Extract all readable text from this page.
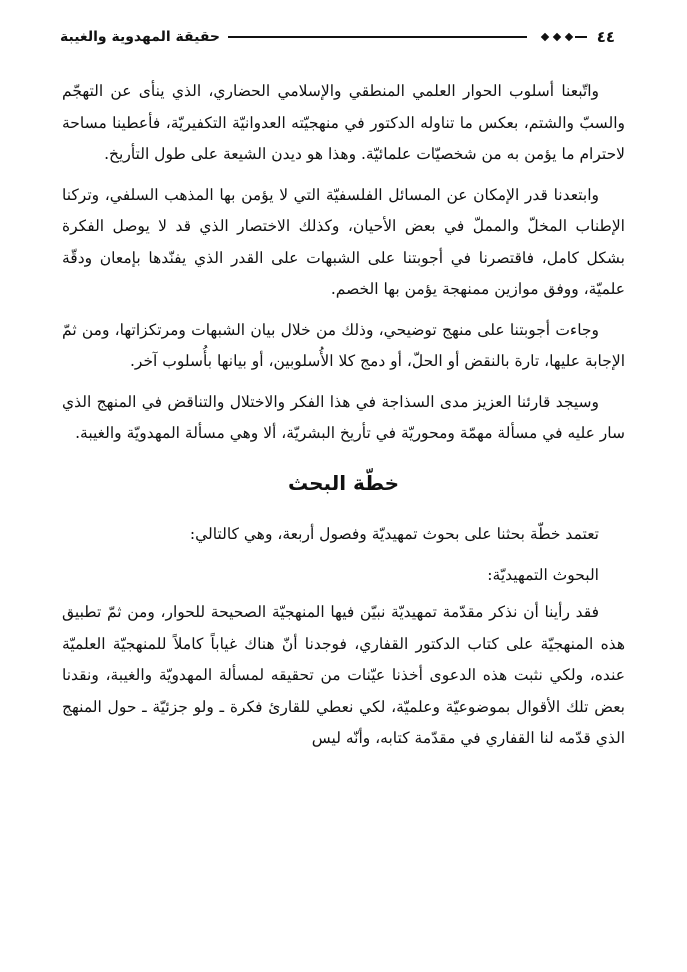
٤٤
حقيقة المهدوية والغيبة

واتّبعنا أسلوب الحوار العلمي المنطقي والإسلامي الحضاري، الذي ينأى عن التهجّم والسبّ والشتم، بعكس ما تناوله الدكتور في منهجيّته العدوانيّة التكفيريّة، فأعطينا مساحة لاحترام ما يؤمن به من شخصيّات علمائيّة. وهذا هو ديدن الشيعة على طول التأريخ.

وابتعدنا قدر الإمكان عن المسائل الفلسفيّة التي لا يؤمن بها المذهب السلفي، وتركنا الإطناب المخلّ والمملّ في بعض الأحيان، وكذلك الاختصار الذي قد لا يوصل الفكرة بشكل كامل، فاقتصرنا في أجوبتنا على الشبهات على القدر الذي يفنّدها بإمعان ودقّة علميّة، ووفق موازين ممنهجة يؤمن بها الخصم.

وجاءت أجوبتنا على منهج توضيحي، وذلك من خلال بيان الشبهات ومرتكزاتها، ومن ثمّ الإجابة عليها، تارة بالنقض أو الحلّ، أو دمج كلا الأُسلوبين، أو بيانها بأُسلوب آخر.

وسيجد قارئنا العزيز مدى السذاجة في هذا الفكر والاختلال والتناقض في المنهج الذي سار عليه في مسألة مهمّة ومحوريّة في تأريخ البشريّة، ألا وهي مسألة المهدويّة والغيبة.

خطّة البحث

تعتمد خطّة بحثنا على بحوث تمهيديّة وفصول أربعة، وهي كالتالي:

البحوث التمهيديّة:

فقد رأينا أن نذكر مقدّمة تمهيديّة نبيّن فيها المنهجيّة الصحيحة للحوار، ومن ثمّ تطبيق هذه المنهجيّة على كتاب الدكتور القفاري، فوجدنا أنّ هناك غياباً كاملاً للمنهجيّة العلميّة عنده، ولكي نثبت هذه الدعوى أخذنا عيّنات من تحقيقه لمسألة المهدويّة والغيبة، ونقدنا بعض تلك الأقوال بموضوعيّة وعلميّة، لكي نعطي للقارئ فكرة ـ ولو جزئيّة ـ حول المنهج الذي قدّمه لنا القفاري في مقدّمة كتابه، وأنّه ليس
